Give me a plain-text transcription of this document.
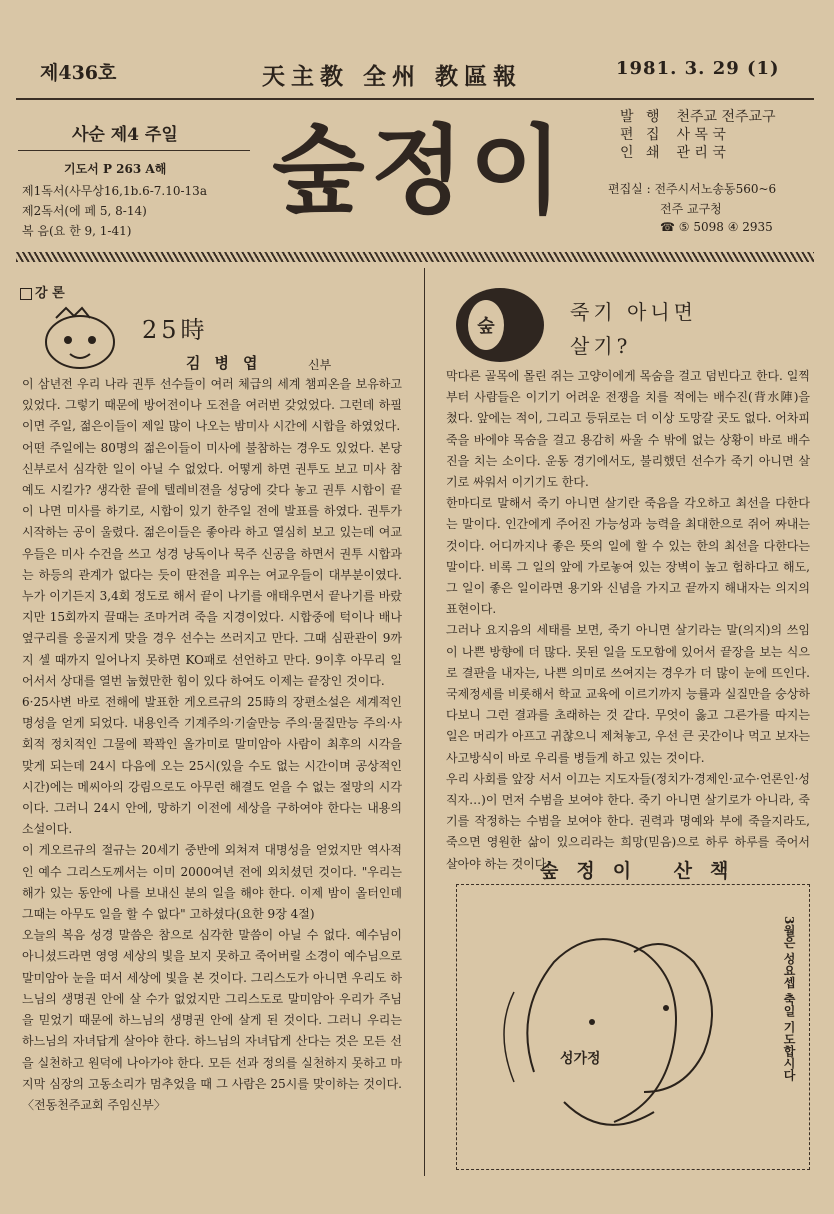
제436호	天主教 全州 教區報	1981. 3. 29 (1)
사순 제4 주일
기도서 P 263 A해
제1독서(사무상16,1b.6-7.10-13a
제2독서(에 페 5, 8-14)
복 음(요 한 9, 1-41)
숲정이	발 행 천주교 전주교구
편 집 사 목 국
인 쇄 관 리 국
편집실 : 전주시서노송동560~6
전주 교구청
☎ ⑤ 5098 ④ 2935
강 론
25時
김병엽	신부

이 삼년전 우리 나라 권투 선수들이 여러 체급의 세계 챔피온을 보유하고 있었다. 그렇기 때문에 방어전이나 도전을 여러번 갖었었다. 그런데 하필이면 주일, 젊은이들이 제일 많이 나오는 밤미사 시간에 시합을 하였었다.

어떤 주일에는 80명의 젊은이들이 미사에 불참하는 경우도 있었다. 본당신부로서 심각한 일이 아닐 수 없었다. 어떻게 하면 권투도 보고 미사 참예도 시킬가? 생각한 끝에 텔레비젼을 성당에 갖다 놓고 권투 시합이 끝이 나면 미사를 하기로, 시합이 있기 한주일 전에 발표를 하였다. 권투가 시작하는 공이 울렸다. 젊은이들은 좋아라 하고 열심히 보고 있는데 여교우들은 미사 수건을 쓰고 성경 낭독이나 묵주 신공을 하면서 권투 시합과는 하등의 관계가 없다는 듯이 딴전을 피우는 여교우들이 대부분이였다. 누가 이기든지 3,4회 정도로 해서 끝이 나기를 애태우면서 끝나기를 바랐지만 15회까지 끌때는 조마거려 죽을 지경이었다. 시합중에 턱이나 배나 옆구리를 응골지게 맞을 경우 선수는 쓰러지고 만다. 그때 심판관이 9까지 셀 때까지 일어나지 못하면 KO패로 선언하고 만다. 9이후 아무리 일어서서 상대를 열번 눕혔만한 힘이 있다 하여도 이제는 끝장인 것이다.

6·25사변 바로 전해에 발표한 게오르규의 25時의 장편소설은 세계적인 명성을 얻게 되었다. 내용인즉 기계주의·기술만능 주의·물질만능 주의·사회적 정치적인 그물에 꽉꽉인 올가미로 말미암아 사람이 최후의 시각을 맞게 되는데 24시 다음에 오는 25시(있을 수도 없는 시간이며 공상적인 시간)에는 메씨아의 강림으로도 아무런 해결도 얻을 수 없는 절망의 시각이다. 그러니 24시 안에, 망하기 이전에 세상을 구하여야 한다는 내용의 소설이다.

이 게오르규의 절규는 20세기 중반에 외쳐져 대명성을 얻었지만 역사적인 예수 그리스도께서는 이미 2000여년 전에 외치셨던 것이다. "우리는 해가 있는 동안에 나를 보내신 분의 일을 해야 한다. 이제 밤이 올터인데 그때는 아무도 일을 할 수 없다" 고하셨다(요한 9장 4절)

오늘의 복음 성경 말씀은 참으로 심각한 말씀이 아닐 수 없다. 예수님이 아니셨드라면 영영 세상의 빛을 보지 못하고 죽어버릴 소경이 예수님으로 말미암아 눈을 떠서 세상에 빛을 본 것이다. 그리스도가 아니면 우리도 하느님의 생명권 안에 살 수가 없었지만 그리스도로 말미암아 우리가 주님을 믿었기 때문에 하느님의 생명권 안에 살게 된 것이다. 그러니 우리는 하느님의 자녀답게 살아야 한다. 하느님의 자녀답게 산다는 것은 모든 선을 실천하고 원덕에 나아가야 한다. 모든 선과 정의를 실천하지 못하고 마지막 심장의 고동소리가 멈추었을 때 그 사람은 25시를 맞이하는 것이다. 〈전동천주교회 주임신부〉

숲
죽기 아니면
살기?

막다른 골목에 몰린 쥐는 고양이에게 목숨을 걸고 덤빈다고 한다. 일찍부터 사람들은 이기기 어려운 전쟁을 치를 적에는 배수진(背水陣)을 쳤다. 앞에는 적이, 그리고 등뒤로는 더 이상 도망갈 곳도 없다. 어차피 죽을 바에야 목숨을 걸고 용감히 싸울 수 밖에 없는 상황이 바로 배수진을 치는 소이다. 운동 경기에서도, 불리했던 선수가 죽기 아니면 살기로 싸워서 이기기도 한다.

한마디로 말해서 죽기 아니면 살기란 죽음을 각오하고 최선을 다한다는 말이다. 인간에게 주어진 가능성과 능력을 최대한으로 쥐어 짜내는 것이다. 어디까지나 좋은 뜻의 일에 할 수 있는 한의 최선을 다한다는 말이다. 비록 그 일의 앞에 가로놓여 있는 장벽이 높고 험하다고 해도, 그 일이 좋은 일이라면 용기와 신념을 가지고 끝까지 해내자는 의지의 표현이다.

그러나 요지음의 세태를 보면, 죽기 아니면 살기라는 말(의지)의 쓰임이 나쁜 방향에 더 많다. 못된 일을 도모함에 있어서 끝장을 보는 식으로 결판을 내자는, 나쁜 의미로 쓰여지는 경우가 더 많이 눈에 뜨인다. 국제정세를 비롯해서 학교 교육에 이르기까지 능률과 실질만을 숭상하다보니 그런 결과를 초래하는 것 같다. 무엇이 옳고 그른가를 따지는 일은 머리가 아프고 귀찮으니 제쳐놓고, 우선 큰 곳간이나 먹고 보자는 사고방식이 바로 우리를 병들게 하고 있는 것이다.

우리 사회를 앞장 서서 이끄는 지도자들(정치가·경제인·교수·언론인·성직자…)이 먼저 수범을 보여야 한다. 죽기 아니면 살기로가 아니라, 죽기를 작정하는 수범을 보여야 한다. 권력과 명예와 부에 죽을지라도, 죽으면 영원한 삶이 있으리라는 희망(믿음)으로 하루 하루를 죽어서 살아야 하는 것이다.

숲정이 산책
성가정	3월은 성요셉 축일 기도합시다
